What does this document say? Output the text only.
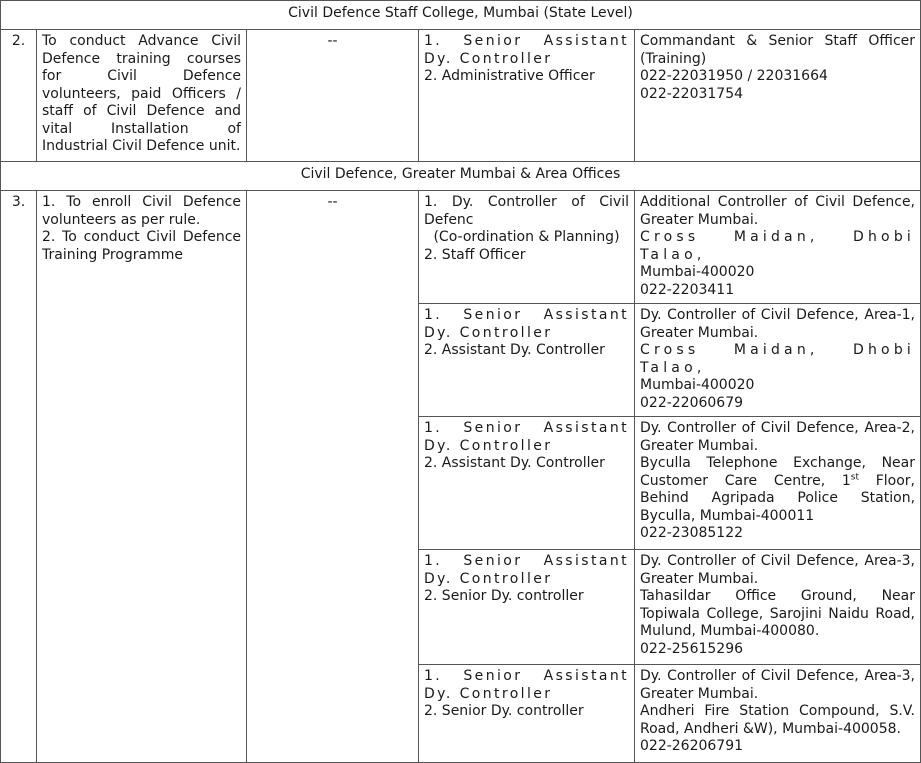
Civil Defence Staff College, Mumbai (State Level)				
2.	To conduct Advance Civil Defence training courses for Civil Defence volunteers, paid Officers / staff of Civil Defence and vital Installation of Industrial Civil Defence unit.	--	1. Senior Assistant Dy. Controller
2. Administrative Officer	Commandant & Senior Staff Officer (Training)
022-22031950 / 22031664
022-22031754

Civil Defence, Greater Mumbai & Area Offices				
3.	1. To enroll Civil Defence volunteers as per rule.
2. To conduct Civil Defence Training Programme	--	1. Dy. Controller of Civil Defenc
(Co-ordination & Planning)
2. Staff Officer	Additional Controller of Civil Defence, Greater Mumbai.
Cross Maidan, Dhobi Talao,
Mumbai-400020
022-2203411

			1. Senior Assistant Dy. Controller
2. Assistant Dy. Controller	Dy. Controller of Civil Defence, Area-1, Greater Mumbai.
Cross Maidan, Dhobi Talao,
Mumbai-400020
022-22060679

			1. Senior Assistant Dy. Controller
2. Assistant Dy. Controller	Dy. Controller of Civil Defence, Area-2, Greater Mumbai.
Byculla Telephone Exchange, Near Customer Care Centre, 1st Floor, Behind Agripada Police Station, Byculla, Mumbai-400011
022-23085122

			1. Senior Assistant Dy. Controller
2. Senior Dy. controller	Dy. Controller of Civil Defence, Area-3, Greater Mumbai.
Tahasildar Office Ground, Near Topiwala College, Sarojini Naidu Road, Mulund, Mumbai-400080.
022-25615296

			1. Senior Assistant Dy. Controller
2. Senior Dy. controller	Dy. Controller of Civil Defence, Area-3, Greater Mumbai.
Andheri Fire Station Compound, S.V. Road, Andheri &W), Mumbai-400058.
022-26206791
